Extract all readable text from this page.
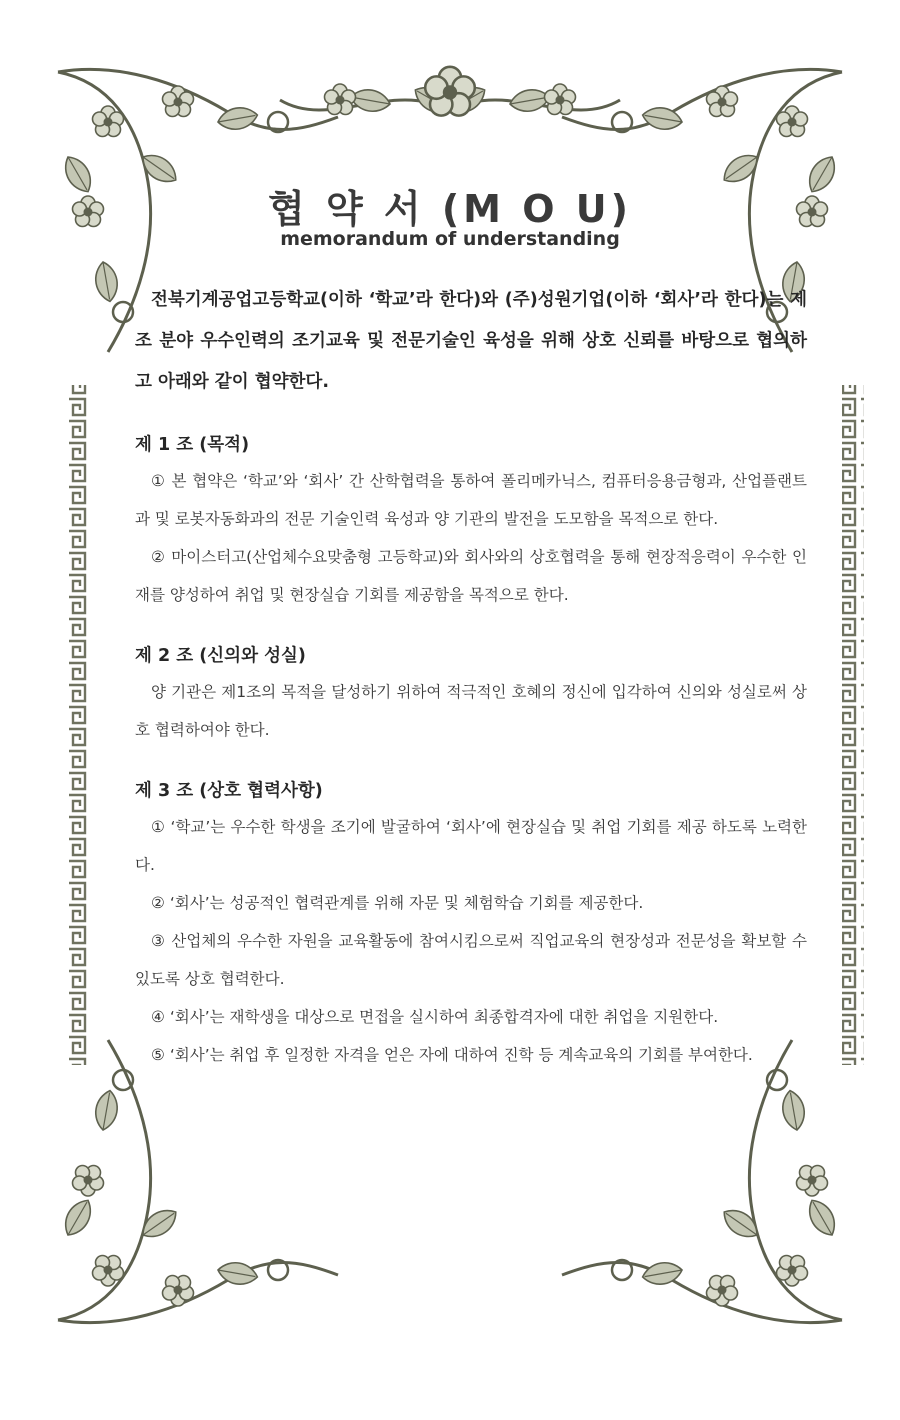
협 약 서 (M O U)
memorandum of understanding

전북기계공업고등학교(이하 ‘학교’라 한다)와 (주)성원기업(이하 ‘회사’라 한다)는 제조 분야 우수인력의 조기교육 및 전문기술인 육성을 위해 상호 신뢰를 바탕으로 협의하고 아래와 같이 협약한다.

제 1 조 (목적)

① 본 협약은 ‘학교’와 ‘회사’ 간 산학협력을 통하여 폴리메카닉스, 컴퓨터응용금형과, 산업플랜트과 및 로봇자동화과의 전문 기술인력 육성과 양 기관의 발전을 도모함을 목적으로 한다.

② 마이스터고(산업체수요맞춤형 고등학교)와 회사와의 상호협력을 통해 현장적응력이 우수한 인재를 양성하여 취업 및 현장실습 기회를 제공함을 목적으로 한다.

제 2 조 (신의와 성실)

양 기관은 제1조의 목적을 달성하기 위하여 적극적인 호혜의 정신에 입각하여 신의와 성실로써 상호 협력하여야 한다.

제 3 조 (상호 협력사항)

① ‘학교’는 우수한 학생을 조기에 발굴하여 ‘회사’에 현장실습 및 취업 기회를 제공 하도록 노력한다.

② ‘회사’는 성공적인 협력관계를 위해 자문 및 체험학습 기회를 제공한다.

③ 산업체의 우수한 자원을 교육활동에 참여시킴으로써 직업교육의 현장성과 전문성을 확보할 수 있도록 상호 협력한다.

④ ‘회사’는 재학생을 대상으로 면접을 실시하여 최종합격자에 대한 취업을 지원한다.

⑤ ‘회사’는 취업 후 일정한 자격을 얻은 자에 대하여 진학 등 계속교육의 기회를 부여한다.
